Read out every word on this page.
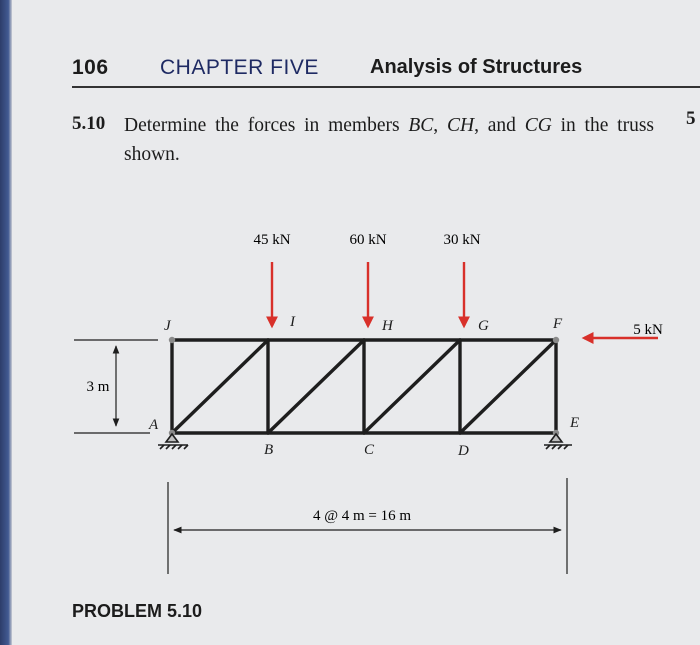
106 CHAPTER FIVE	Analysis of Structures
5
5.10 Determine the forces in members BC, CH, and CG in the truss shown.
45 kN	60 kN	30 kN
5 kN
J	I	H	G	F
A
B	C	D
E
3 m
4 @ 4 m = 16 m
PROBLEM 5.10
